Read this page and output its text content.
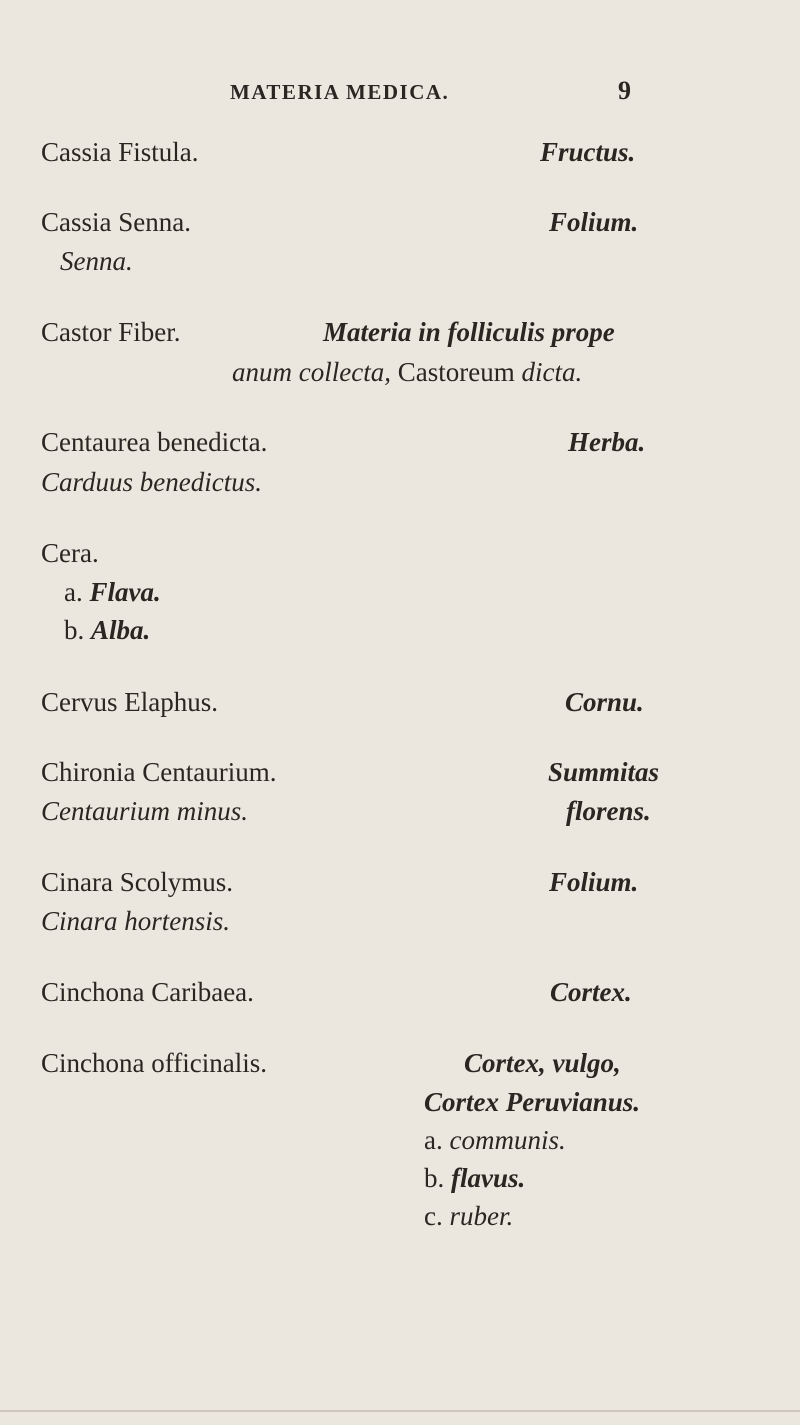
MATERIA MEDICA.	9
Cassia Fistula.	Fructus.
Cassia Senna.	Folium.
Senna.
Castor Fiber.	Materia in folliculis prope
anum collecta, Castoreum dicta.
Centaurea benedicta.	Herba.
Carduus benedictus.
Cera.
a. Flava.
b. Alba.
Cervus Elaphus.	Cornu.
Chironia Centaurium.	Summitas
Centaurium minus.	florens.
Cinara Scolymus.	Folium.
Cinara hortensis.
Cinchona Caribaea.	Cortex.
Cinchona officinalis.	Cortex, vulgo,
Cortex Peruvianus.
a. communis.
b. flavus.
c. ruber.
